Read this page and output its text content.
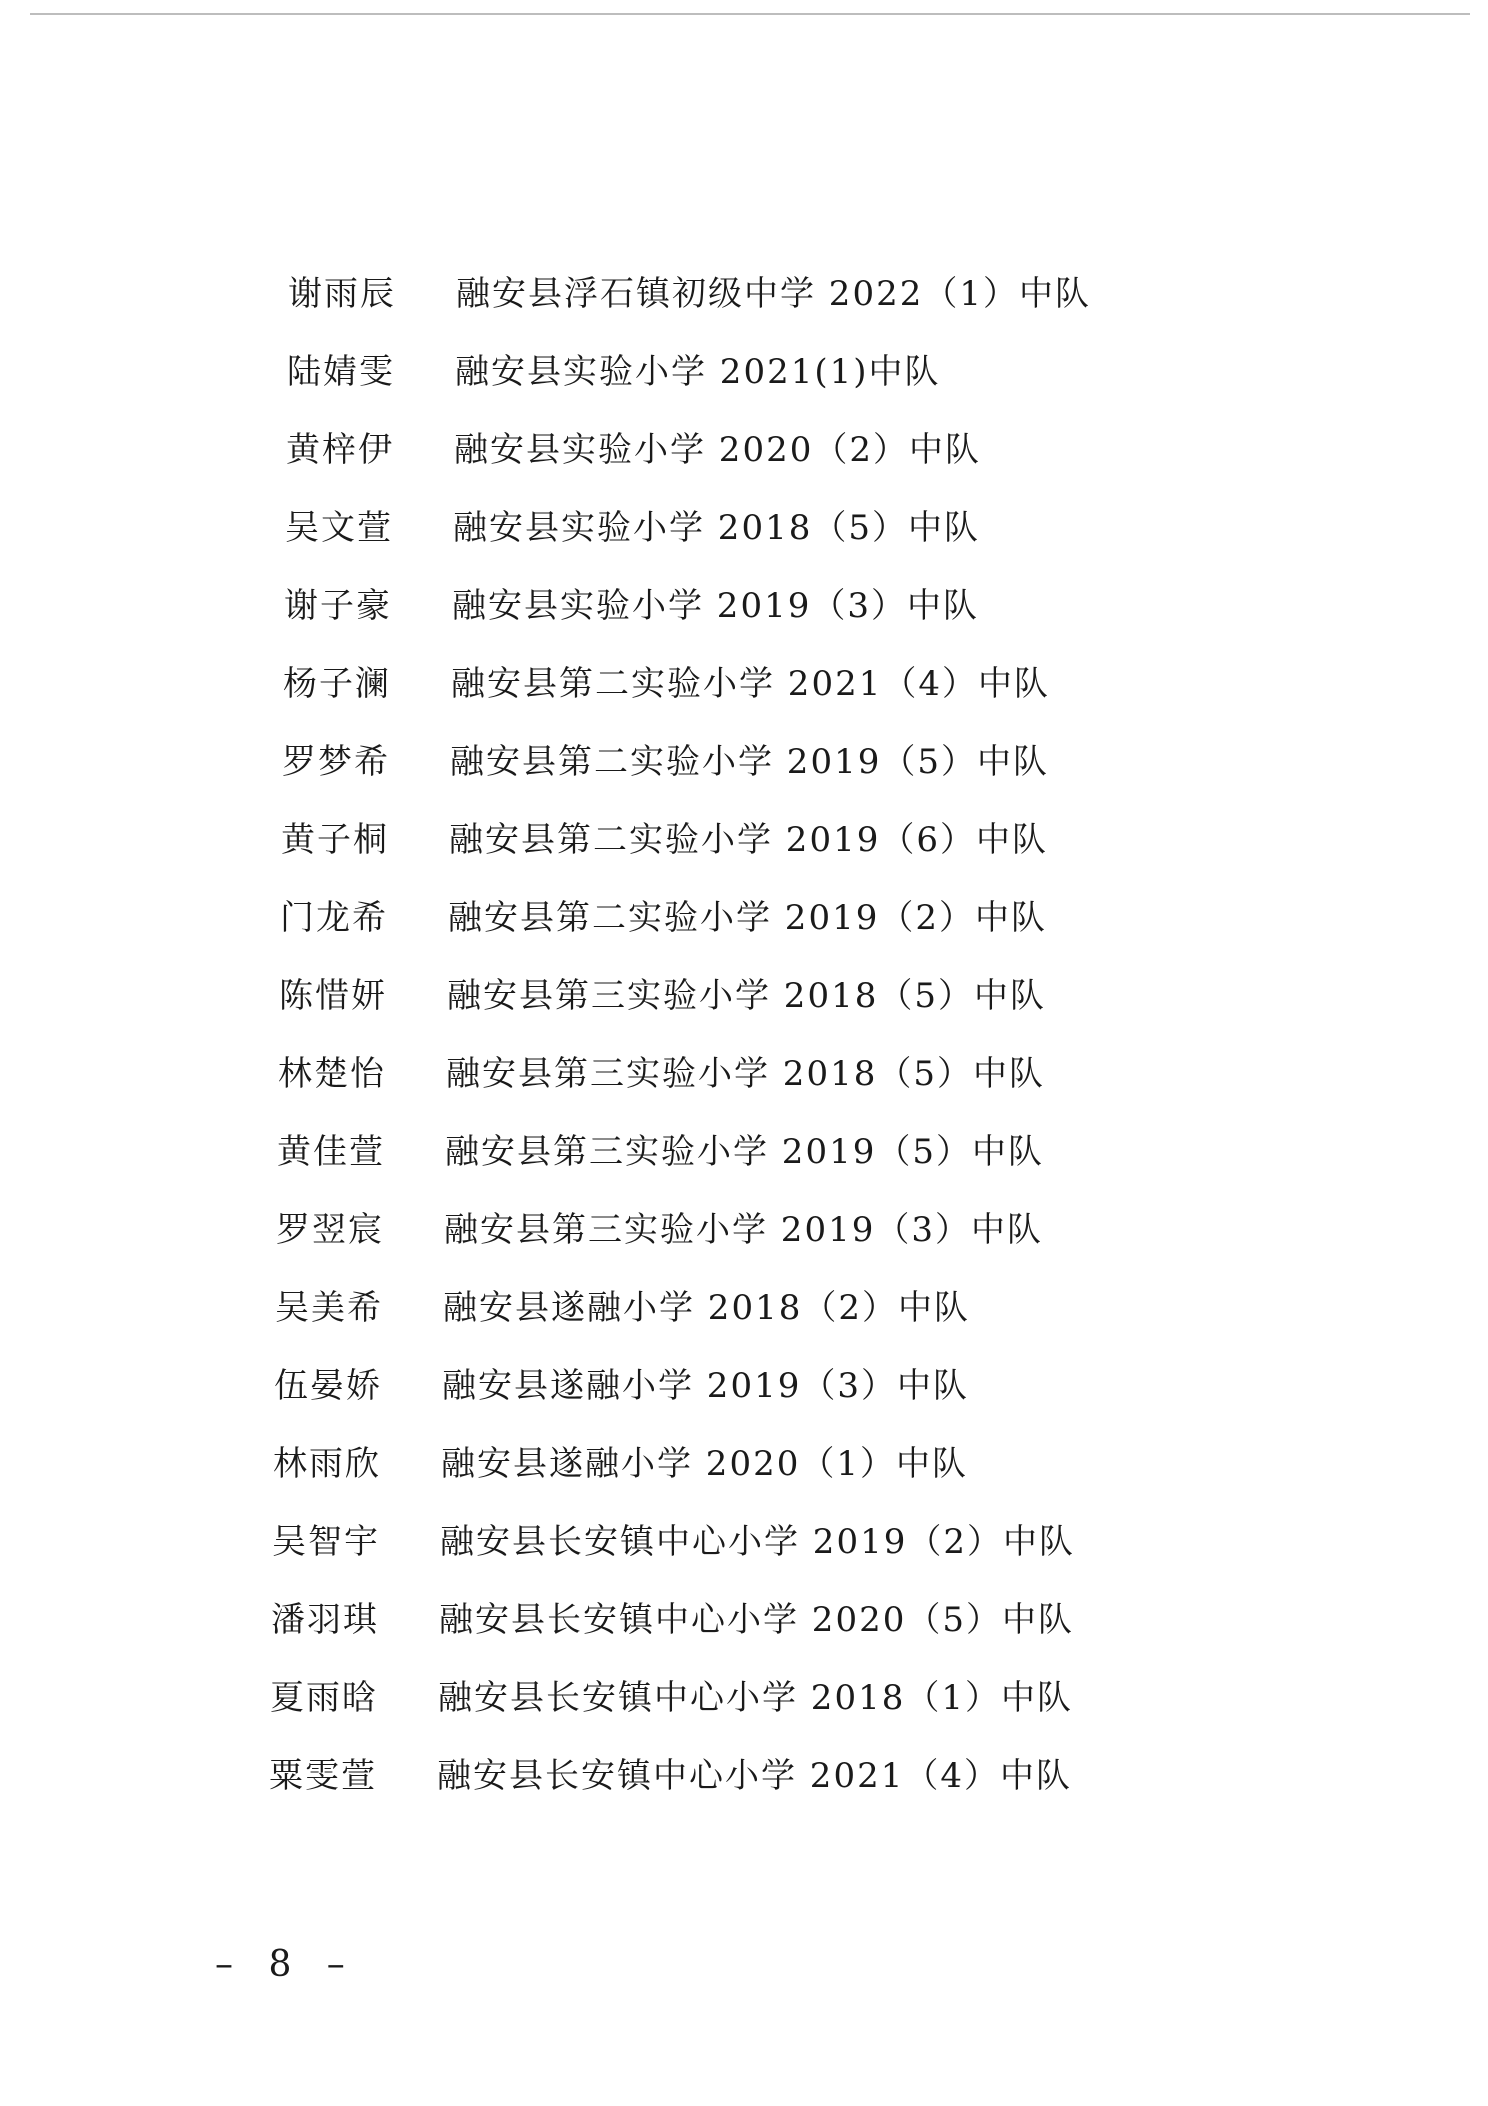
谢雨辰	融安县浮石镇初级中学 2022（1）中队
陆婧雯	融安县实验小学 2021(1)中队
黄梓伊	融安县实验小学 2020（2）中队
吴文萱	融安县实验小学 2018（5）中队
谢子豪	融安县实验小学 2019（3）中队
杨子澜	融安县第二实验小学 2021（4）中队
罗梦希	融安县第二实验小学 2019（5）中队
黄子桐	融安县第二实验小学 2019（6）中队
门龙希	融安县第二实验小学 2019（2）中队
陈惜妍	融安县第三实验小学 2018（5）中队
林楚怡	融安县第三实验小学 2018（5）中队
黄佳萱	融安县第三实验小学 2019（5）中队
罗翌宸	融安县第三实验小学 2019（3）中队
吴美希	融安县遂融小学 2018（2）中队
伍晏娇	融安县遂融小学 2019（3）中队
林雨欣	融安县遂融小学 2020（1）中队
吴智宇	融安县长安镇中心小学 2019（2）中队
潘羽琪	融安县长安镇中心小学 2020（5）中队
夏雨晗	融安县长安镇中心小学 2018（1）中队
粟雯萱	融安县长安镇中心小学 2021（4）中队
– 8 –
